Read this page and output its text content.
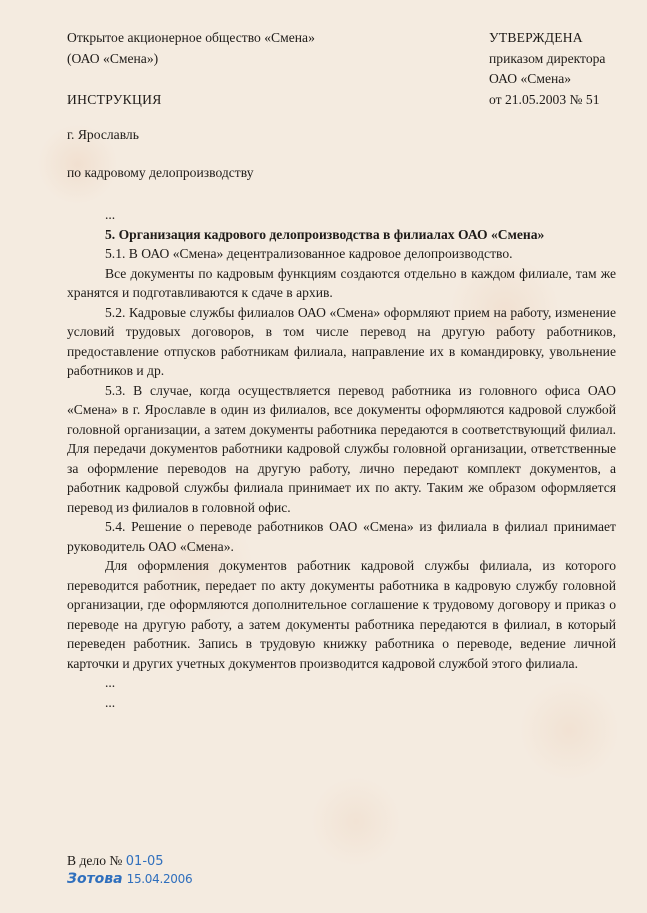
Открытое акционерное общество «Смена»
(ОАО «Смена»)
ИНСТРУКЦИЯ
УТВЕРЖДЕНА
приказом директора
ОАО «Смена»
от 21.05.2003 № 51
г. Ярославль
по кадровому делопроизводству

...

5. Организация кадрового делопроизводства в филиалах ОАО «Смена»

5.1. В ОАО «Смена» децентрализованное кадровое делопроизводство.

Все документы по кадровым функциям создаются отдельно в каждом филиале, там же хранятся и подготавливаются к сдаче в архив.

5.2. Кадровые службы филиалов ОАО «Смена» оформляют прием на работу, изменение условий трудовых договоров, в том числе перевод на другую работу работников, предоставление отпусков работникам филиала, направление их в командировку, увольнение работников и др.

5.3. В случае, когда осуществляется перевод работника из головного офиса ОАО «Смена» в г. Ярославле в один из филиалов, все документы оформляются кадровой службой головной организации, а затем документы работника передаются в соответствующий филиал. Для передачи документов работники кадровой службы головной организации, ответственные за оформление переводов на другую работу, лично передают комплект документов, а работник кадровой службы филиала принимает их по акту. Таким же образом оформляется перевод из филиалов в головной офис.

5.4. Решение о переводе работников ОАО «Смена» из филиала в филиал принимает руководитель ОАО «Смена».

Для оформления документов работник кадровой службы филиала, из которого переводится работник, передает по акту документы работника в кадровую службу головной организации, где оформляются дополнительное соглашение к трудовому договору и приказ о переводе на другую работу, а затем документы работника передаются в филиал, в который переведен работник. Запись в трудовую книжку работника о переводе, ведение личной карточки и других учетных документов производится кадровой службой этого филиала.

...

...

В дело № 01-05
Зотова 15.04.2006
